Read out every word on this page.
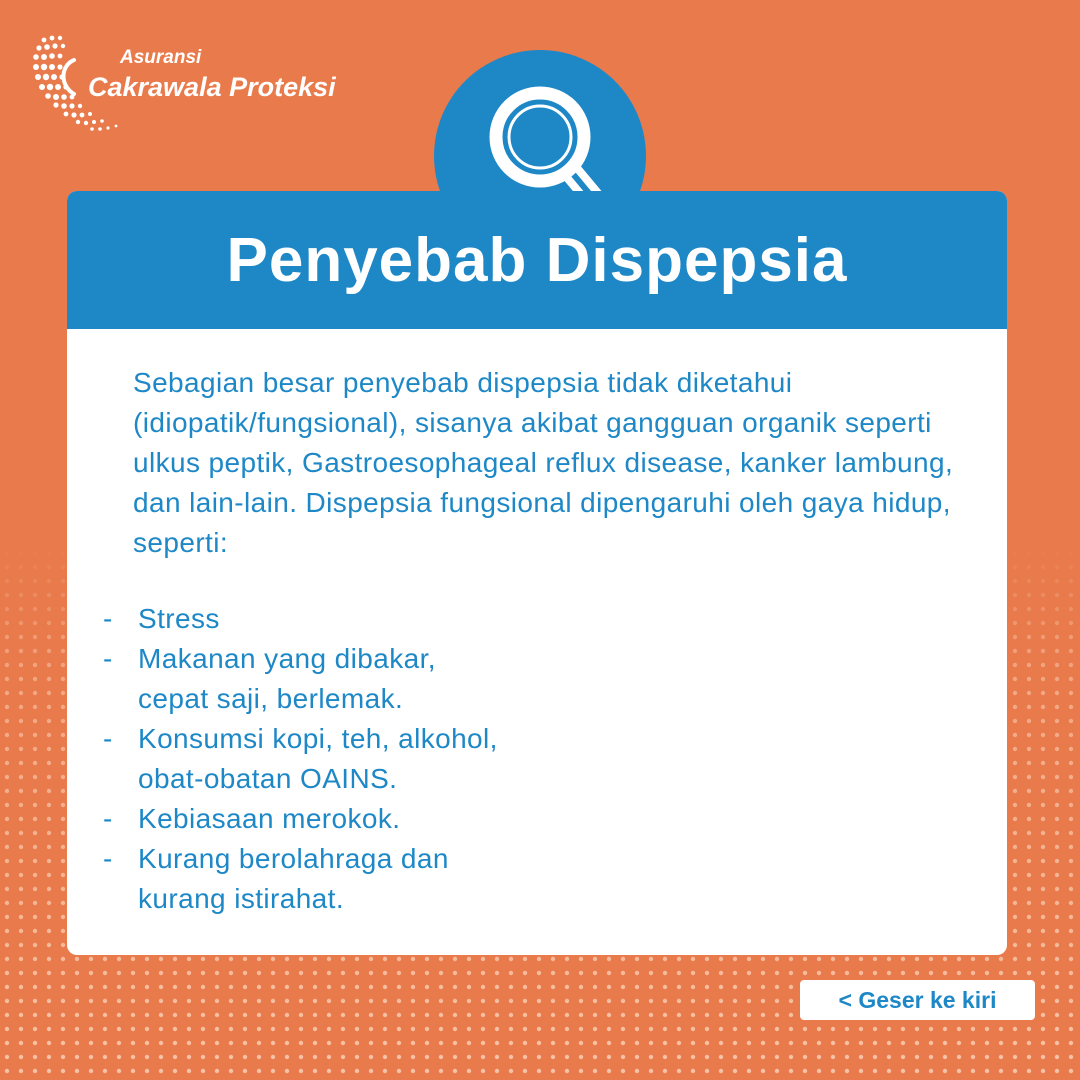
Asuransi
Cakrawala Proteksi
Penyebab Dispepsia
Sebagian besar penyebab dispepsia tidak diketahui (idiopatik/fungsional), sisanya akibat gangguan organik seperti ulkus peptik, Gastroesophageal reflux disease, kanker lambung, dan lain-lain. Dispepsia fungsional dipengaruhi oleh gaya hidup, seperti:
- Stress
- Makanan yang dibakar,
cepat saji, berlemak.
- Konsumsi kopi, teh, alkohol,
obat-obatan OAINS.
- Kebiasaan merokok.
- Kurang berolahraga dan
kurang istirahat.
< Geser ke kiri
